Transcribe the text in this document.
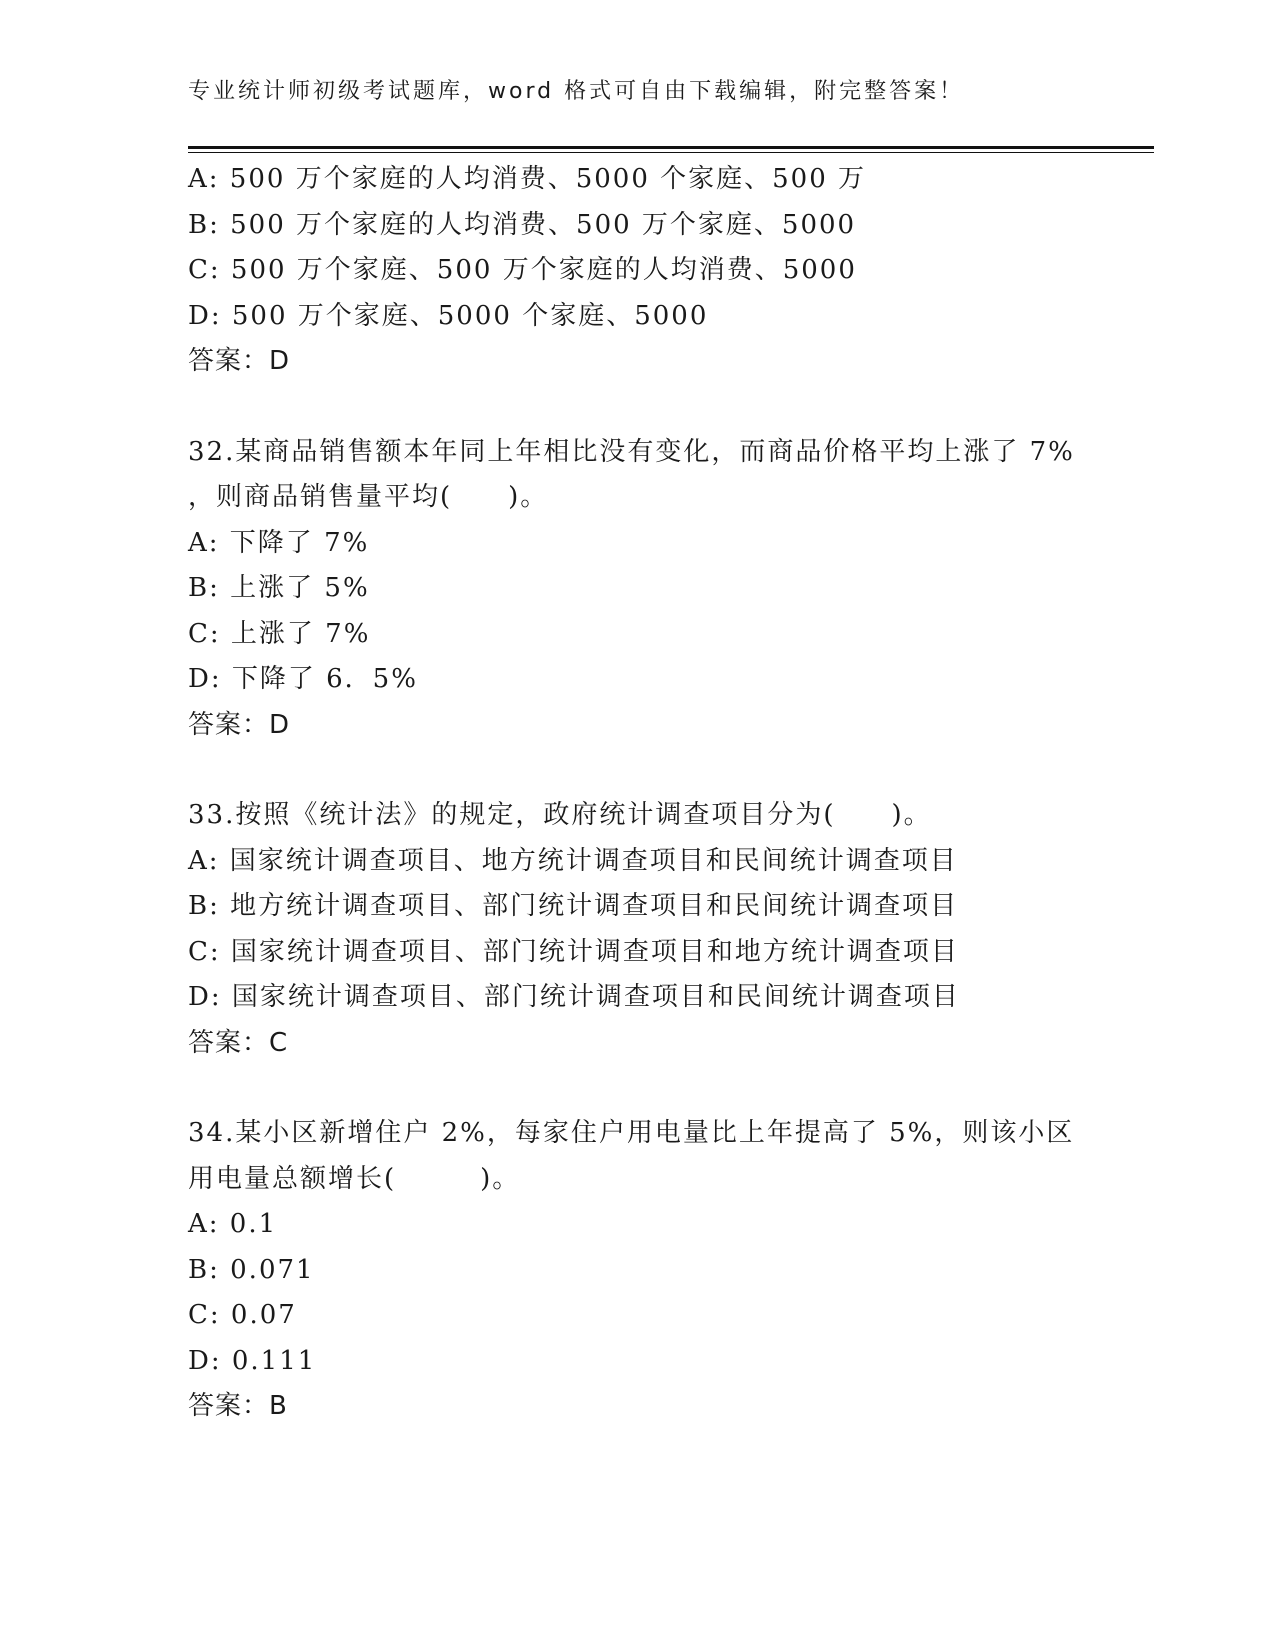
专业统计师初级考试题库，word 格式可自由下载编辑，附完整答案！
A: 500 万个家庭的人均消费、5000 个家庭、500 万
B: 500 万个家庭的人均消费、500 万个家庭、5000
C: 500 万个家庭、500 万个家庭的人均消费、5000
D: 500 万个家庭、5000 个家庭、5000
答案：D
32.某商品销售额本年同上年相比没有变化，而商品价格平均上涨了 7%
，则商品销售量平均(　　)。
A: 下降了 7%
B: 上涨了 5%
C: 上涨了 7%
D: 下降了 6．5%
答案：D
33.按照《统计法》的规定，政府统计调查项目分为(　　)。
A: 国家统计调查项目、地方统计调查项目和民间统计调查项目
B: 地方统计调查项目、部门统计调查项目和民间统计调查项目
C: 国家统计调查项目、部门统计调查项目和地方统计调查项目
D: 国家统计调查项目、部门统计调查项目和民间统计调查项目
答案：C
34.某小区新增住户 2%，每家住户用电量比上年提高了 5%，则该小区
用电量总额增长(　　　)。
A: 0.1
B: 0.071
C: 0.07
D: 0.111
答案：B
